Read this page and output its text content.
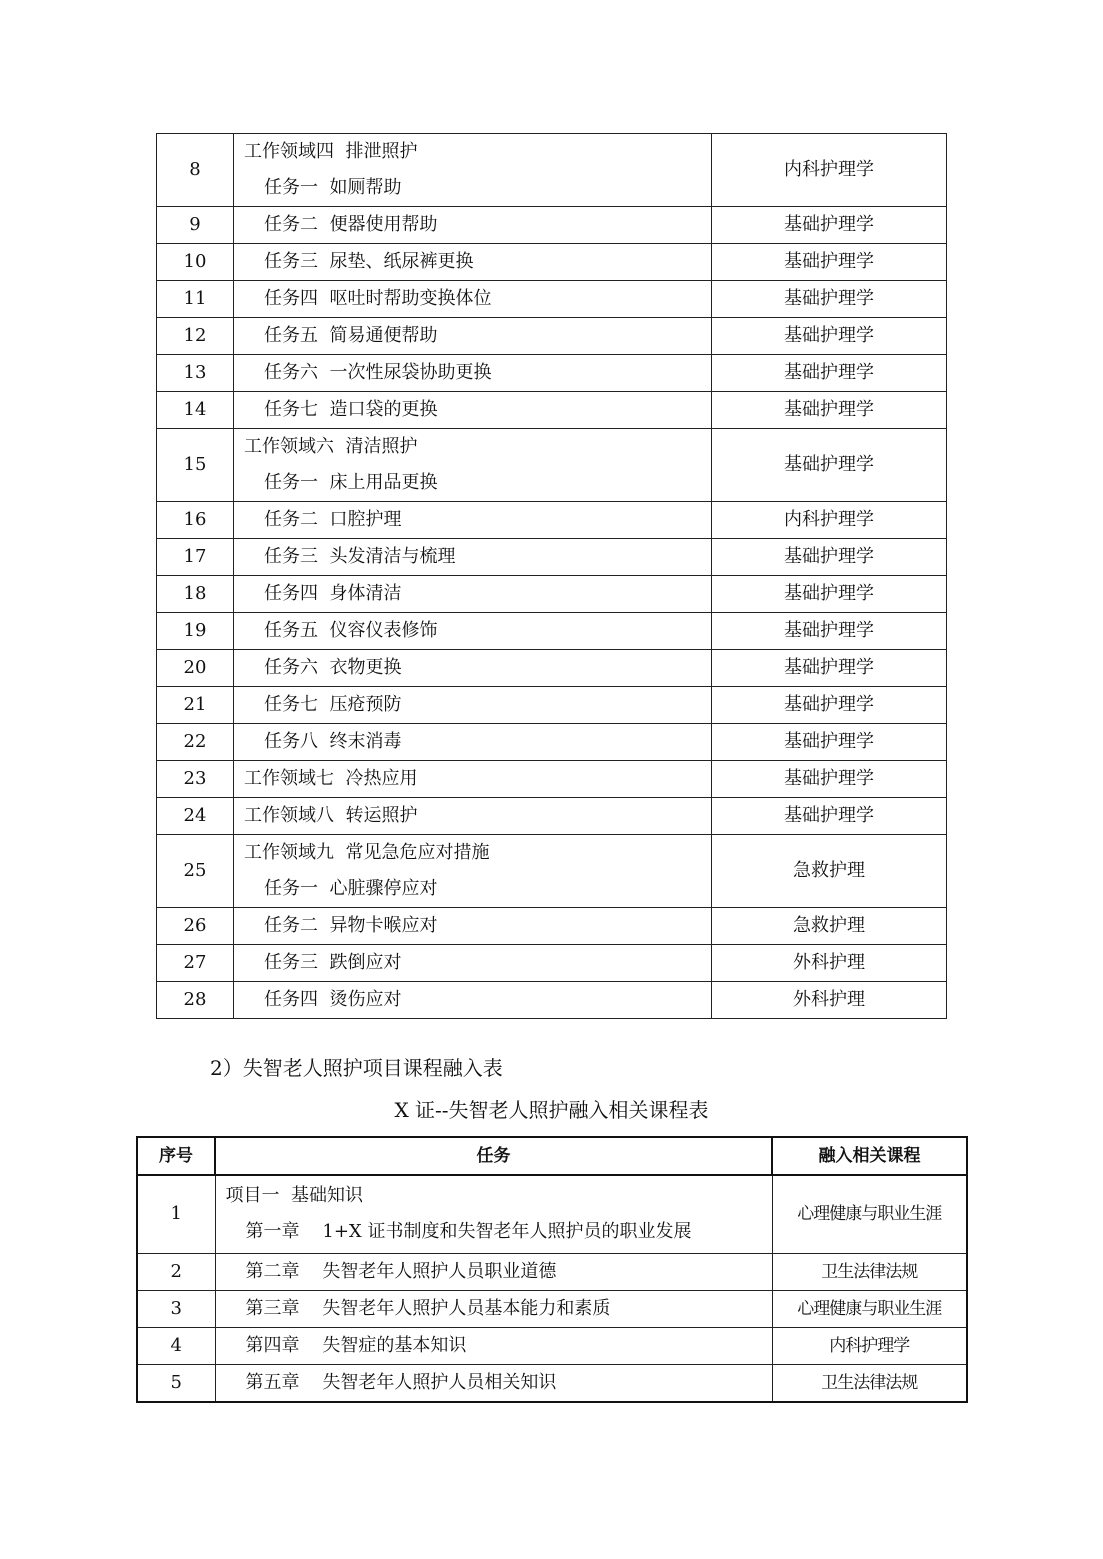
8	工作领域四  排泄照护
任务一  如厕帮助	内科护理学
9	任务二  便器使用帮助	基础护理学
10	任务三  尿垫、纸尿裤更换	基础护理学
11	任务四  呕吐时帮助变换体位	基础护理学
12	任务五  简易通便帮助	基础护理学
13	任务六  一次性尿袋协助更换	基础护理学
14	任务七  造口袋的更换	基础护理学
15	工作领域六  清洁照护
任务一  床上用品更换	基础护理学
16	任务二  口腔护理	内科护理学
17	任务三  头发清洁与梳理	基础护理学
18	任务四  身体清洁	基础护理学
19	任务五  仪容仪表修饰	基础护理学
20	任务六  衣物更换	基础护理学
21	任务七  压疮预防	基础护理学
22	任务八  终末消毒	基础护理学
23	工作领域七  冷热应用	基础护理学
24	工作领域八  转运照护	基础护理学
25	工作领域九  常见急危应对措施
任务一  心脏骤停应对	急救护理
26	任务二  异物卡喉应对	急救护理
27	任务三  跌倒应对	外科护理
28	任务四  烫伤应对	外科护理
2）失智老人照护项目课程融入表
X 证--失智老人照护融入相关课程表
序号	任务	融入相关课程
1	项目一  基础知识
第一章    1+X 证书制度和失智老年人照护员的职业发展	心理健康与职业生涯
2	第二章    失智老年人照护人员职业道德	卫生法律法规
3	第三章    失智老年人照护人员基本能力和素质	心理健康与职业生涯
4	第四章    失智症的基本知识	内科护理学
5	第五章    失智老年人照护人员相关知识	卫生法律法规
